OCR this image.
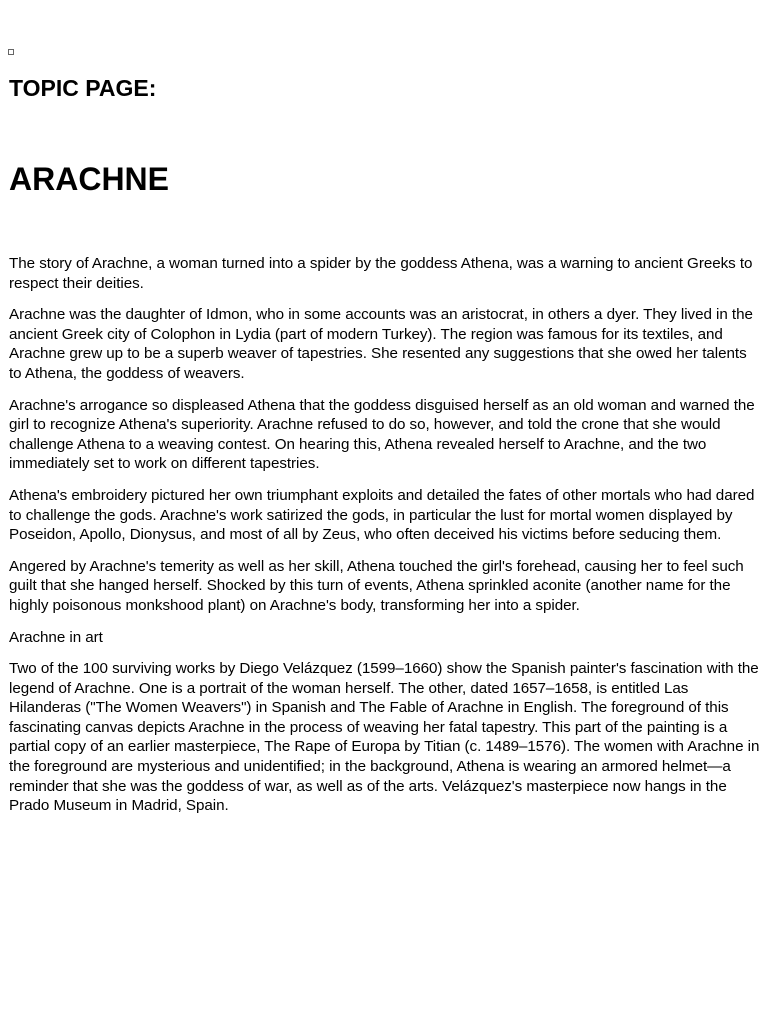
TOPIC PAGE:
ARACHNE

The story of Arachne, a woman turned into a spider by the goddess Athena, was a warning to ancient Greeks to respect their deities.

Arachne was the daughter of Idmon, who in some accounts was an aristocrat, in others a dyer. They lived in the ancient Greek city of Colophon in Lydia (part of modern Turkey). The region was famous for its textiles, and Arachne grew up to be a superb weaver of tapestries. She resented any suggestions that she owed her talents to Athena, the goddess of weavers.

Arachne's arrogance so displeased Athena that the goddess disguised herself as an old woman and warned the girl to recognize Athena's superiority. Arachne refused to do so, however, and told the crone that she would challenge Athena to a weaving contest. On hearing this, Athena revealed herself to Arachne, and the two immediately set to work on different tapestries.

Athena's embroidery pictured her own triumphant exploits and detailed the fates of other mortals who had dared to challenge the gods. Arachne's work satirized the gods, in particular the lust for mortal women displayed by Poseidon, Apollo, Dionysus, and most of all by Zeus, who often deceived his victims before seducing them.

Angered by Arachne's temerity as well as her skill, Athena touched the girl's forehead, causing her to feel such guilt that she hanged herself. Shocked by this turn of events, Athena sprinkled aconite (another name for the highly poisonous monkshood plant) on Arachne's body, transforming her into a spider.

Arachne in art

Two of the 100 surviving works by Diego Velázquez (1599–1660) show the Spanish painter's fascination with the legend of Arachne. One is a portrait of the woman herself. The other, dated 1657–1658, is entitled Las Hilanderas ("The Women Weavers") in Spanish and The Fable of Arachne in English. The foreground of this fascinating canvas depicts Arachne in the process of weaving her fatal tapestry. This part of the painting is a partial copy of an earlier masterpiece, The Rape of Europa by Titian (c. 1489–1576). The women with Arachne in the foreground are mysterious and unidentified; in the background, Athena is wearing an armored helmet—a reminder that she was the goddess of war, as well as of the arts. Velázquez's masterpiece now hangs in the Prado Museum in Madrid, Spain.
